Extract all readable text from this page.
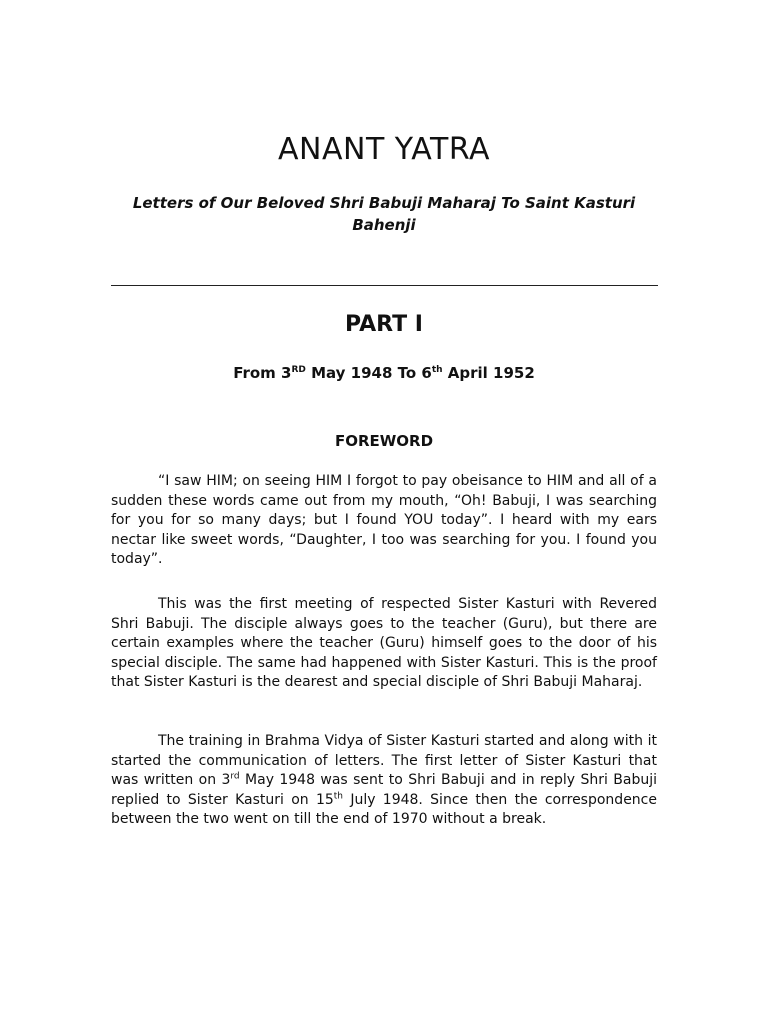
ANANT YATRA
Letters of Our Beloved Shri Babuji Maharaj To Saint Kasturi Bahenji
PART I
From 3RD May 1948 To 6th April 1952
FOREWORD

“I saw HIM; on seeing HIM I forgot to pay obeisance to HIM and all of a sudden these words came out from my mouth, “Oh! Babuji, I was searching for you for so many days; but I found YOU today”. I heard with my ears nectar like sweet words, “Daughter, I too was searching for you. I found you today”.

This was the first meeting of respected Sister Kasturi with Revered Shri Babuji. The disciple always goes to the teacher (Guru), but there are certain examples where the teacher (Guru) himself goes to the door of his special disciple. The same had happened with Sister Kasturi. This is the proof that Sister Kasturi is the dearest and special disciple of Shri Babuji Maharaj.

The training in Brahma Vidya of Sister Kasturi started and along with it started the communication of letters. The first letter of Sister Kasturi that was written on 3rd May 1948 was sent to Shri Babuji and in reply Shri Babuji replied to Sister Kasturi on 15th July 1948. Since then the correspondence between the two went on till the end of 1970 without a break.
